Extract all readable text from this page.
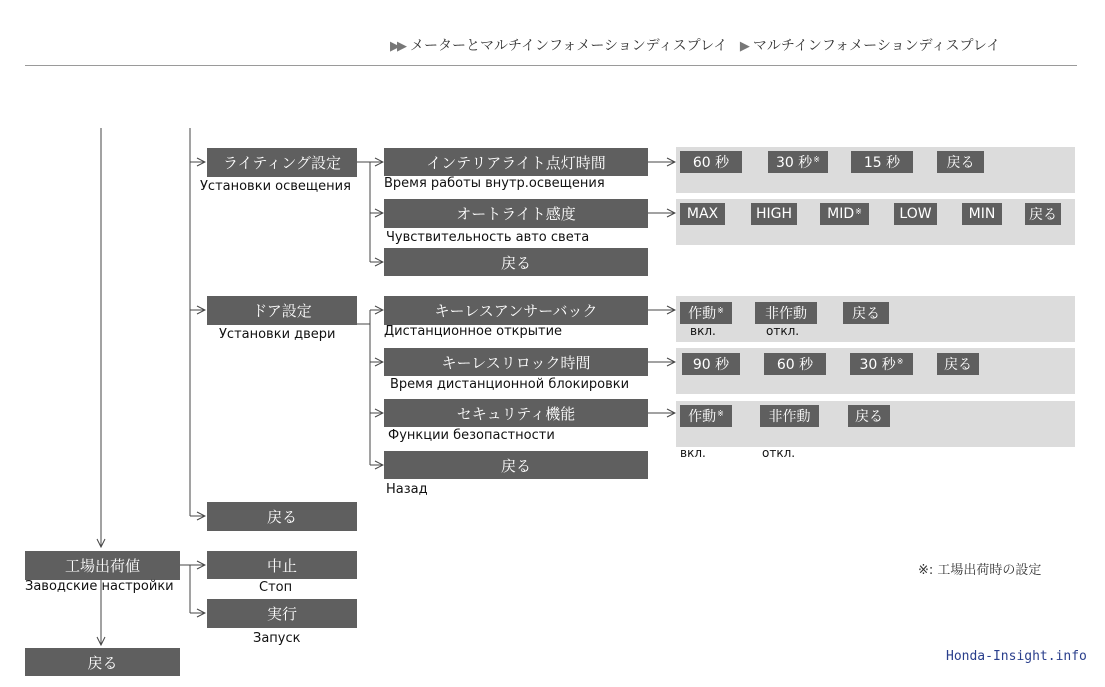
▶▶ メーターとマルチインフォメーションディスプレイ ▶ マルチインフォメーションディスプレイ
ライティング設定
Установки освещения
ドア設定
Установки двери
戻る
工場出荷値
Заводские настройки
中止
Стоп
実行
Запуск
戻る
インテリアライト点灯時間
Время работы внутр.освещения
オートライト感度
Чувствительность авто света
戻る
キーレスアンサーバック
Дистанционное открытие
キーレスリロック時間
Время дистанционной блокировки
セキュリティ機能
Функции безопастности
戻る
Назад
60 秒	30 秒※	15 秒	戻る
MAX	HIGH	MID※	LOW	MIN 戻る
作動※	非作動	戻る
вкл.	откл.
90 秒	60 秒	30 秒※	戻る
作動※	非作動	戻る
вкл.	откл.
※: 工場出荷時の設定
Honda-Insight.info
